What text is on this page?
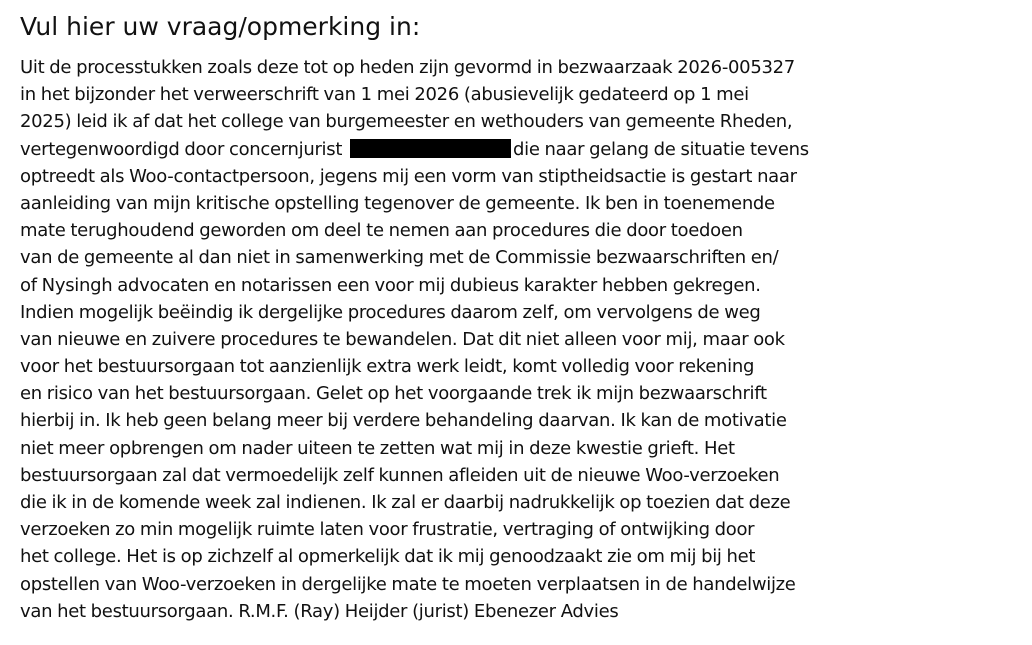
Vul hier uw vraag/opmerking in:
Uit de processtukken zoals deze tot op heden zijn gevormd in bezwaarzaak 2026-005327
in het bijzonder het verweerschrift van 1 mei 2026 (abusievelijk gedateerd op 1 mei
2025) leid ik af dat het college van burgemeester en wethouders van gemeente Rheden,
vertegenwoordigd door concernjurist	die naar gelang de situatie tevens
optreedt als Woo-contactpersoon, jegens mij een vorm van stiptheidsactie is gestart naar
aanleiding van mijn kritische opstelling tegenover de gemeente. Ik ben in toenemende
mate terughoudend geworden om deel te nemen aan procedures die door toedoen
van de gemeente al dan niet in samenwerking met de Commissie bezwaarschriften en/
of Nysingh advocaten en notarissen een voor mij dubieus karakter hebben gekregen.
Indien mogelijk beëindig ik dergelijke procedures daarom zelf, om vervolgens de weg
van nieuwe en zuivere procedures te bewandelen. Dat dit niet alleen voor mij, maar ook
voor het bestuursorgaan tot aanzienlijk extra werk leidt, komt volledig voor rekening
en risico van het bestuursorgaan. Gelet op het voorgaande trek ik mijn bezwaarschrift
hierbij in. Ik heb geen belang meer bij verdere behandeling daarvan. Ik kan de motivatie
niet meer opbrengen om nader uiteen te zetten wat mij in deze kwestie grieft. Het
bestuursorgaan zal dat vermoedelijk zelf kunnen afleiden uit de nieuwe Woo-verzoeken
die ik in de komende week zal indienen. Ik zal er daarbij nadrukkelijk op toezien dat deze
verzoeken zo min mogelijk ruimte laten voor frustratie, vertraging of ontwijking door
het college. Het is op zichzelf al opmerkelijk dat ik mij genoodzaakt zie om mij bij het
opstellen van Woo-verzoeken in dergelijke mate te moeten verplaatsen in de handelwijze
van het bestuursorgaan. R.M.F. (Ray) Heijder (jurist) Ebenezer Advies
